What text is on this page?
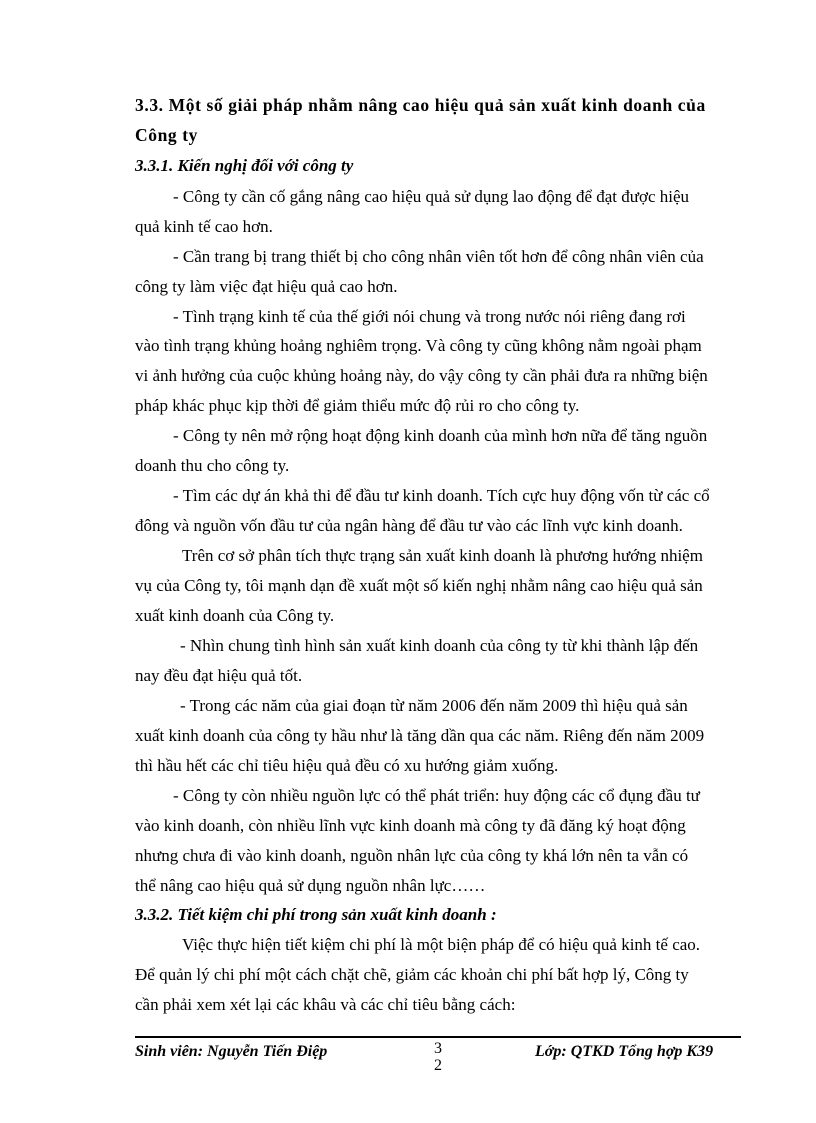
3.3. Một số giải pháp nhằm nâng cao hiệu quả sản xuất kinh doanh của
Công ty
3.3.1. Kiến nghị đối với công ty
- Công ty cần cố gắng nâng cao hiệu quả sử dụng lao động để đạt được hiệu
quả kinh tế cao hơn.
- Cần trang bị trang thiết bị cho công nhân viên tốt hơn để công nhân viên của
công ty làm việc đạt hiệu quả cao hơn.
- Tình trạng kinh tế của thế giới nói chung và trong nước nói riêng đang rơi
vào tình trạng khủng hoảng nghiêm trọng. Và công ty cũng không nằm ngoài phạm
vi ảnh hưởng của cuộc khủng hoảng này, do vậy công ty cần phải đưa ra những biện
pháp khác phục kịp thời để giảm thiểu mức độ rủi ro cho công ty.
- Công ty nên mở rộng hoạt động kinh doanh của mình hơn nữa để tăng nguồn
doanh thu cho công ty.
- Tìm các dự án khả thi để đầu tư kinh doanh. Tích cực huy động vốn từ các cổ
đông và nguồn vốn đầu tư của ngân hàng để đầu tư vào các lĩnh vực kinh doanh.
Trên cơ sở phân tích thực trạng sản xuất kinh doanh là phương hướng nhiệm
vụ của Công ty, tôi mạnh dạn đề xuất một số kiến nghị nhằm nâng cao hiệu quả sản
xuất kinh doanh của Công ty.
- Nhìn chung tình hình sản xuất kinh doanh của công ty từ khi thành lập đến
nay đều đạt hiệu quả tốt.
- Trong các năm của giai đoạn từ năm 2006 đến năm 2009 thì hiệu quả sản
xuất kinh doanh của công ty hầu như là tăng dần qua các năm. Riêng đến năm 2009
thì hầu hết các chỉ tiêu hiệu quả đều có xu hướng giảm xuống.
- Công ty còn nhiều nguồn lực có thể phát triển: huy động các cổ đụng đầu tư
vào kinh doanh, còn nhiều lĩnh vực kinh doanh mà công ty đã đăng ký hoạt động
nhưng chưa đi vào kinh doanh, nguồn nhân lực của công ty khá lớn nên ta vẫn có
thể nâng cao hiệu quả sử dụng nguồn nhân lực……
3.3.2. Tiết kiệm chi phí trong sản xuất kinh doanh :
Việc thực hiện tiết kiệm chi phí là một biện pháp để có hiệu quả kinh tế cao.
Để quản lý chi phí một cách chặt chẽ, giảm các khoản chi phí bất hợp lý, Công ty
cần phải xem xét lại các khâu và các chỉ tiêu bằng cách:
Sinh viên: Nguyễn Tiến Điệp	3
2
Lớp: QTKD Tổng hợp K39
